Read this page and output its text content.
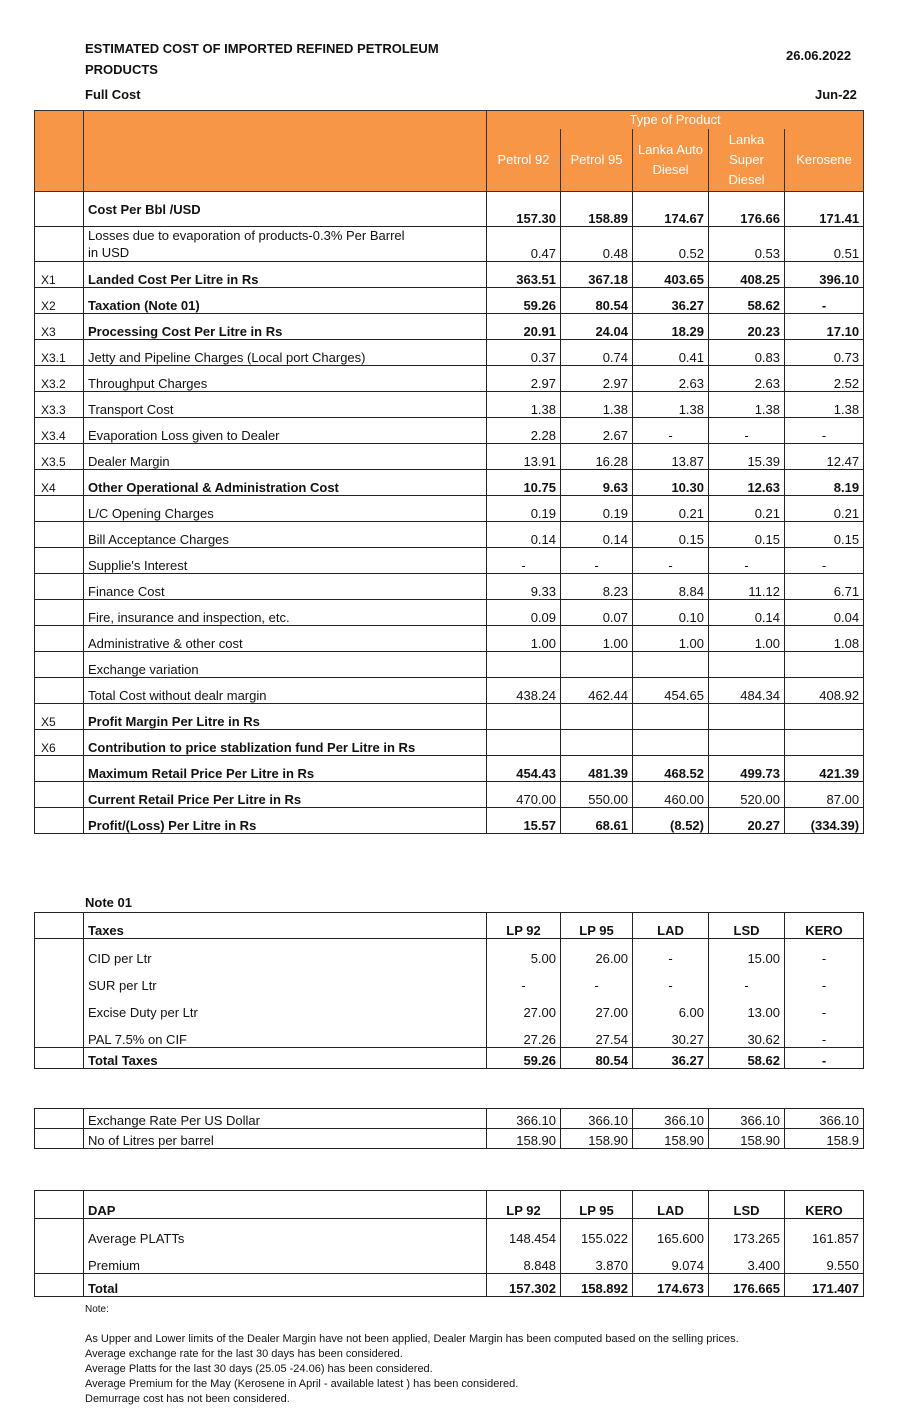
ESTIMATED COST OF IMPORTED REFINED PETROLEUM
PRODUCTS
26.06.2022
Full Cost	Jun-22
		Type of Product				
		Petrol 92	Petrol 95	Lanka Auto Diesel	Lanka Super Diesel	Kerosene
	Cost Per Bbl /USD	157.30	158.89	174.67	176.66	171.41
	Losses due to evaporation of products-0.3% Per Barrel in USD	0.47	0.48	0.52	0.53	0.51
X1	Landed Cost Per Litre in Rs	363.51	367.18	403.65	408.25	396.10
X2	Taxation (Note 01)	59.26	80.54	36.27	58.62	-
X3	Processing Cost Per Litre in Rs	20.91	24.04	18.29	20.23	17.10
X3.1	Jetty and Pipeline Charges (Local port Charges)	0.37	0.74	0.41	0.83	0.73
X3.2	Throughput Charges	2.97	2.97	2.63	2.63	2.52
X3.3	Transport Cost	1.38	1.38	1.38	1.38	1.38
X3.4	Evaporation Loss given to Dealer	2.28	2.67	-	-	-
X3.5	Dealer Margin	13.91	16.28	13.87	15.39	12.47
X4	Other Operational & Administration Cost	10.75	9.63	10.30	12.63	8.19
	L/C Opening Charges	0.19	0.19	0.21	0.21	0.21
	Bill Acceptance Charges	0.14	0.14	0.15	0.15	0.15
	Supplie's Interest	-	-	-	-	-
	Finance Cost	9.33	8.23	8.84	11.12	6.71
	Fire, insurance and inspection, etc.	0.09	0.07	0.10	0.14	0.04
	Administrative & other cost	1.00	1.00	1.00	1.00	1.08
	Exchange variation					
	Total Cost without dealr margin	438.24	462.44	454.65	484.34	408.92
X5	Profit Margin Per Litre in Rs					
X6	Contribution to price stablization fund Per Litre in Rs					
	Maximum Retail Price Per Litre in Rs	454.43	481.39	468.52	499.73	421.39
	Current Retail Price Per Litre in Rs	470.00	550.00	460.00	520.00	87.00
	Profit/(Loss) Per Litre in Rs	15.57	68.61	(8.52)	20.27	(334.39)
Note 01
	Taxes	LP 92	LP 95	LAD	LSD	KERO
	CID per Ltr	5.00	26.00	-	15.00	-
	SUR per Ltr	-	-	-	-	-
	Excise Duty per Ltr	27.00	27.00	6.00	13.00	-
	PAL 7.5% on CIF	27.26	27.54	30.27	30.62	-
	Total Taxes	59.26	80.54	36.27	58.62	-
	Exchange Rate Per US Dollar	366.10	366.10	366.10	366.10	366.10
	No of Litres per barrel	158.90	158.90	158.90	158.90	158.9
	DAP	LP 92	LP 95	LAD	LSD	KERO
	Average PLATTs	148.454	155.022	165.600	173.265	161.857
	Premium	8.848	3.870	9.074	3.400	9.550
	Total	157.302	158.892	174.673	176.665	171.407
Note:
As Upper and Lower limits of the Dealer Margin have not been applied, Dealer Margin has been computed based on the selling prices.
Average exchange rate for the last 30 days has been considered.
Average Platts for the last 30 days (25.05 -24.06) has been considered.
Average Premium for the May (Kerosene in April - available latest ) has been considered.
Demurrage cost has not been considered.
